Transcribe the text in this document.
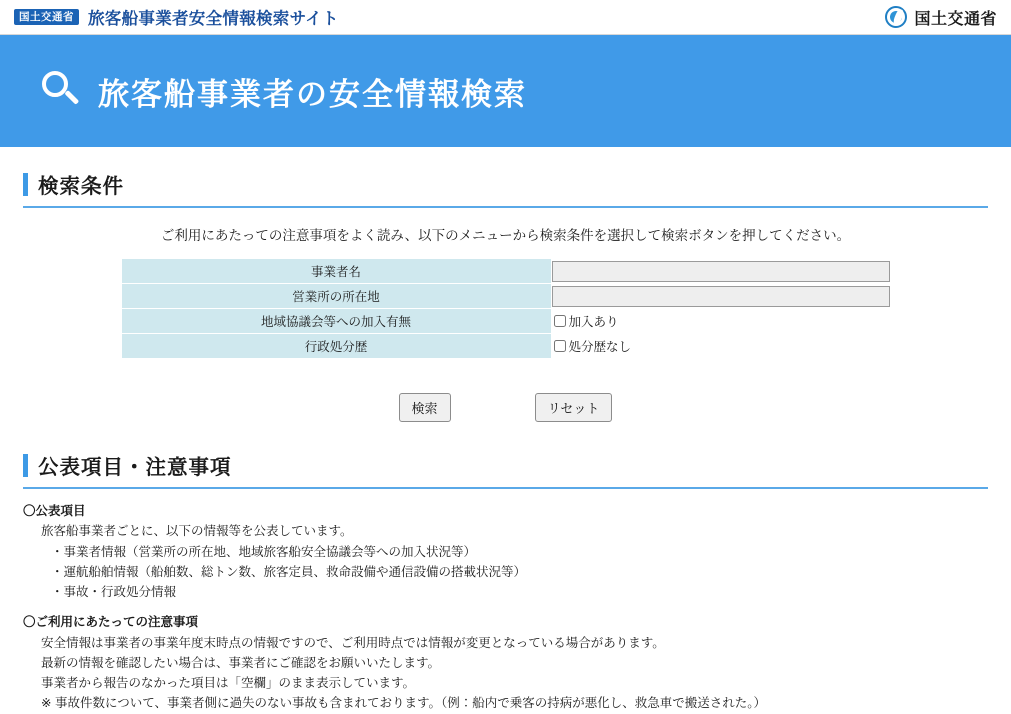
国土交通省 旅客船事業者安全情報検索サイト	国土交通省
旅客船事業者の安全情報検索
検索条件
ご利用にあたっての注意事項をよく読み、以下のメニューから検索条件を選択して検索ボタンを押してください。
事業者名	
営業所の所在地	
地域協議会等への加入有無	加入あり

行政処分歴	処分歴なし
検索	リセット
公表項目・注意事項
〇公表項目
旅客船事業者ごとに、以下の情報等を公表しています。
・事業者情報（営業所の所在地、地域旅客船安全協議会等への加入状況等）
・運航船舶情報（船舶数、総トン数、旅客定員、救命設備や通信設備の搭載状況等）
・事故・行政処分情報
〇ご利用にあたっての注意事項
安全情報は事業者の事業年度末時点の情報ですので、ご利用時点では情報が変更となっている場合があります。
最新の情報を確認したい場合は、事業者にご確認をお願いいたします。
事業者から報告のなかった項目は「空欄」のまま表示しています。
※ 事故件数について、事業者側に過失のない事故も含まれております。（例：船内で乗客の持病が悪化し、救急車で搬送された。）
